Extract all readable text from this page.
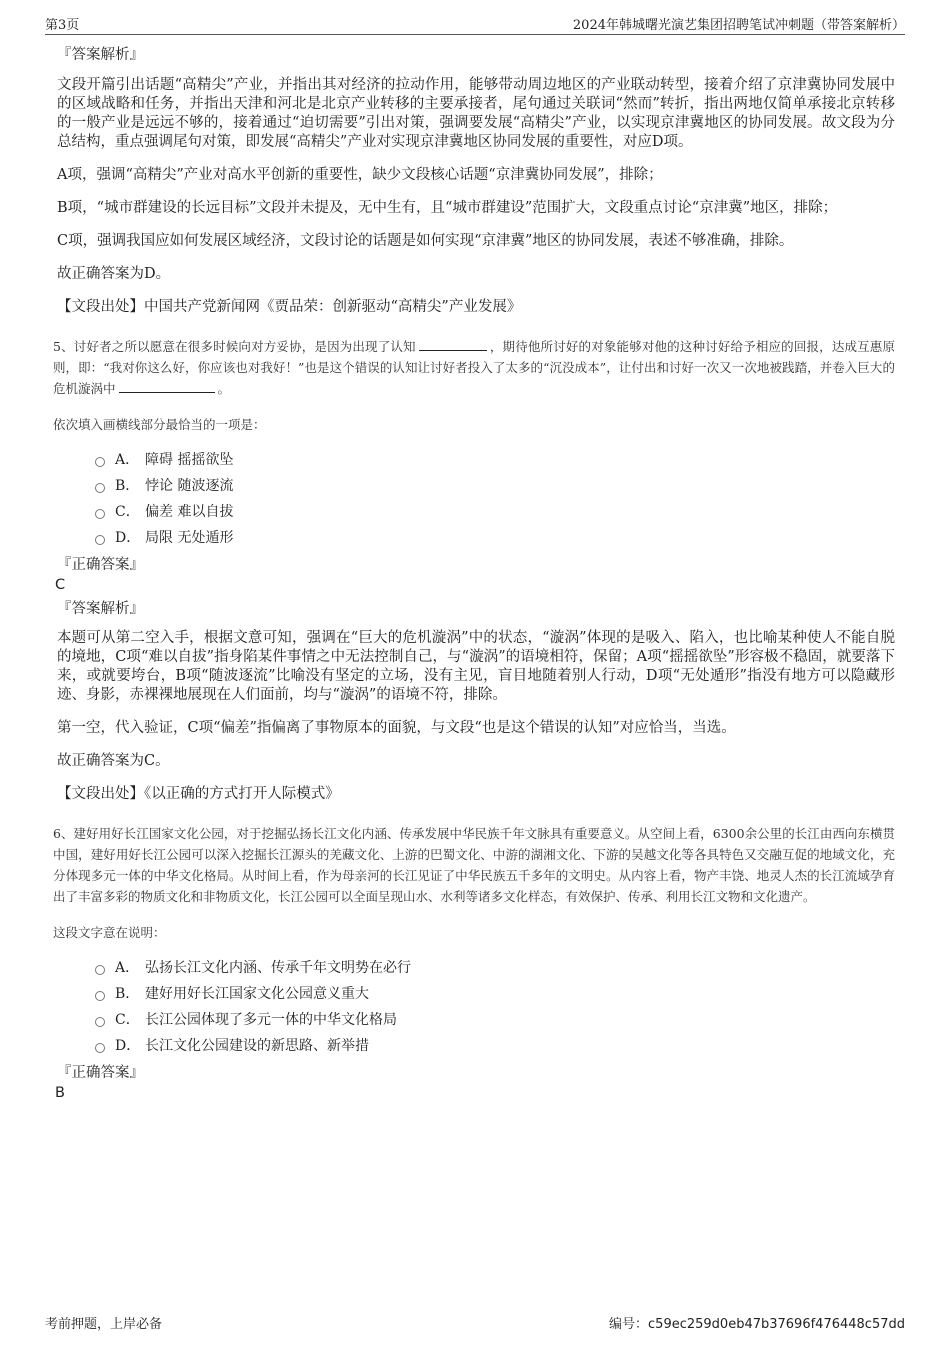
第3页	2024年韩城曙光演艺集团招聘笔试冲刺题（带答案解析）
『答案解析』

文段开篇引出话题“高精尖”产业，并指出其对经济的拉动作用，能够带动周边地区的产业联动转型，接着介绍了京津冀协同发展中的区域战略和任务，并指出天津和河北是北京产业转移的主要承接者，尾句通过关联词“然而”转折，指出两地仅简单承接北京转移的一般产业是远远不够的，接着通过“迫切需要”引出对策，强调要发展“高精尖”产业，以实现京津冀地区的协同发展。故文段为分总结构，重点强调尾句对策，即发展“高精尖”产业对实现京津冀地区协同发展的重要性，对应D项。

A项，强调“高精尖”产业对高水平创新的重要性，缺少文段核心话题“京津冀协同发展”，排除；

B项，“城市群建设的长远目标”文段并未提及，无中生有，且“城市群建设”范围扩大，文段重点讨论“京津冀”地区，排除；

C项，强调我国应如何发展区域经济，文段讨论的话题是如何实现“京津冀”地区的协同发展，表述不够准确，排除。

故正确答案为D。

【文段出处】中国共产党新闻网《贾品荣：创新驱动“高精尖”产业发展》

5、讨好者之所以愿意在很多时候向对方妥协，是因为出现了认知	，期待他所讨好的对象能够对他的这种讨好给予相应的回报，达成互惠原则，即：“我对你这么好，你应该也对我好！”也是这个错误的认知让讨好者投入了太多的“沉没成本”，让付出和讨好一次又一次地被践踏，并卷入巨大的危机漩涡中	。

依次填入画横线部分最恰当的一项是：

A． 障碍 摇摇欲坠
B． 悖论 随波逐流
C． 偏差 难以自拔
D． 局限 无处遁形
『正确答案』
C
『答案解析』

本题可从第二空入手，根据文意可知，强调在“巨大的危机漩涡”中的状态，“漩涡”体现的是吸入、陷入，也比喻某种使人不能自脱的境地，C项“难以自拔”指身陷某件事情之中无法控制自己，与“漩涡”的语境相符，保留；A项“摇摇欲坠”形容极不稳固，就要落下来，或就要垮台，B项“随波逐流”比喻没有坚定的立场，没有主见，盲目地随着别人行动，D项“无处遁形”指没有地方可以隐藏形迹、身影，赤裸裸地展现在人们面前，均与“漩涡”的语境不符，排除。

第一空，代入验证，C项“偏差”指偏离了事物原本的面貌，与文段“也是这个错误的认知”对应恰当，当选。

故正确答案为C。

【文段出处】《以正确的方式打开人际模式》

6、建好用好长江国家文化公园，对于挖掘弘扬长江文化内涵、传承发展中华民族千年文脉具有重要意义。从空间上看，6300余公里的长江由西向东横贯中国，建好用好长江公园可以深入挖掘长江源头的羌藏文化、上游的巴蜀文化、中游的湖湘文化、下游的吴越文化等各具特色又交融互促的地域文化，充分体现多元一体的中华文化格局。从时间上看，作为母亲河的长江见证了中华民族五千多年的文明史。从内容上看，物产丰饶、地灵人杰的长江流域孕育出了丰富多彩的物质文化和非物质文化，长江公园可以全面呈现山水、水利等诸多文化样态，有效保护、传承、利用长江文物和文化遗产。

这段文字意在说明：

A． 弘扬长江文化内涵、传承千年文明势在必行
B． 建好用好长江国家文化公园意义重大
C． 长江公园体现了多元一体的中华文化格局
D． 长江文化公园建设的新思路、新举措
『正确答案』
B
考前押题，上岸必备	编号：c59ec259d0eb47b37696f476448c57dd
